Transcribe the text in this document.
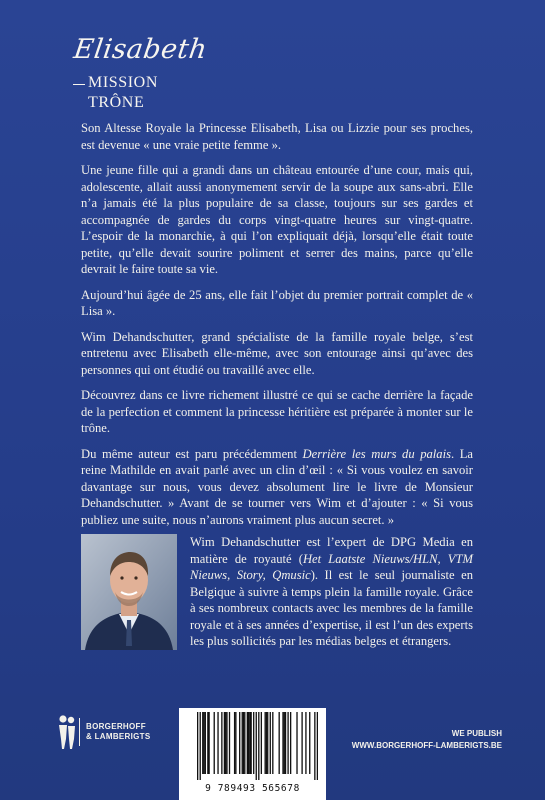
Elisabeth
MISSION
TRÔNE

Son Altesse Royale la Princesse Elisabeth, Lisa ou Lizzie pour ses proches, est devenue « une vraie petite femme ».

Une jeune fille qui a grandi dans un château entourée d’une cour, mais qui, adolescente, allait aussi anonymement servir de la soupe aux sans-abri. Elle n’a jamais été la plus populaire de sa classe, toujours sur ses gardes et accompagnée de gardes du corps vingt-quatre heures sur vingt-quatre. L’espoir de la monarchie, à qui l’on expliquait déjà, lorsqu’elle était toute petite, qu’elle devait sourire poliment et serrer des mains, parce qu’elle devrait le faire toute sa vie.

Aujourd’hui âgée de 25 ans, elle fait l’objet du premier portrait complet de « Lisa ».

Wim Dehandschutter, grand spécialiste de la famille royale belge, s’est entretenu avec Elisabeth elle-même, avec son entourage ainsi qu’avec des personnes qui ont étudié ou travaillé avec elle.

Découvrez dans ce livre richement illustré ce qui se cache derrière la façade de la perfection et comment la princesse héritière est préparée à monter sur le trône.

Du même auteur est paru précédemment Derrière les murs du palais. La reine Mathilde en avait parlé avec un clin d’œil : « Si vous voulez en savoir davantage sur nous, vous devez absolument lire le livre de Monsieur Dehandschutter. » Avant de se tourner vers Wim et d’ajouter : « Si vous publiez une suite, nous n’aurons vraiment plus aucun secret. »

Wim Dehandschutter est l’expert de DPG Media en matière de royauté (Het Laatste Nieuws/HLN, VTM Nieuws, Story, Qmusic). Il est le seul journaliste en Belgique à suivre à temps plein la famille royale. Grâce à ses nombreux contacts avec les membres de la famille royale et à ses années d’expertise, il est l’un des experts les plus sollicités par les médias belges et étrangers.

BORGERHOFF
& LAMBERIGTS
9 789493 565678
WE PUBLISH
WWW.BORGERHOFF-LAMBERIGTS.BE
